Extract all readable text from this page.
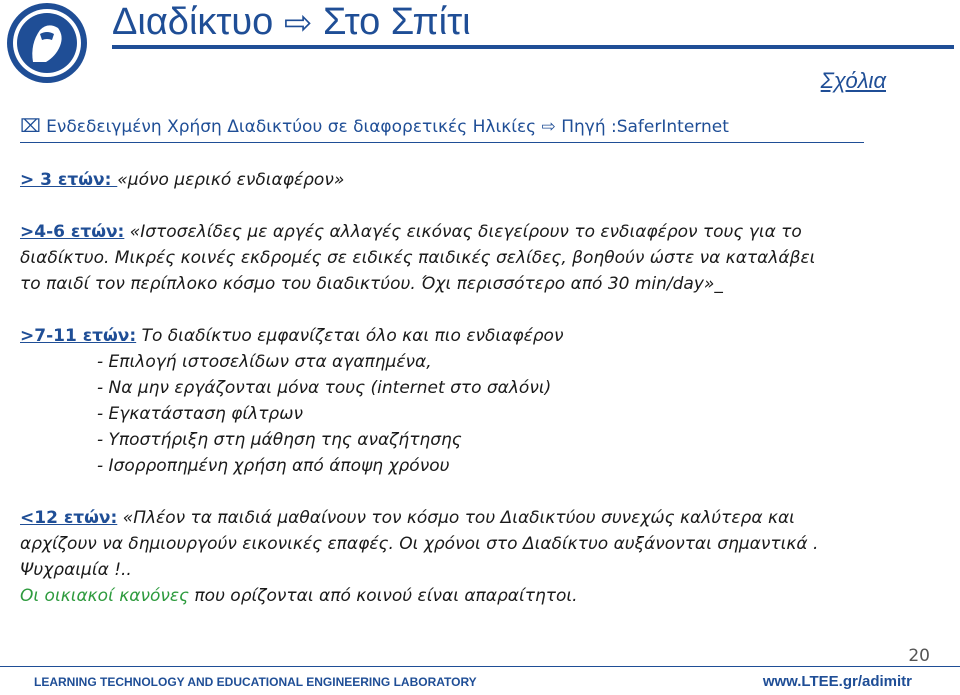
Διαδίκτυο ⇨ Στο Σπίτι
Σχόλια
⌧ Ενδεδειγμένη Χρήση Διαδικτύου σε διαφορετικές Ηλικίες ⇨ Πηγή :SaferInternet
> 3 ετών: «μόνο μερικό ενδιαφέρον»
>4-6 ετών: «Ιστοσελίδες με αργές αλλαγές εικόνας διεγείρουν το ενδιαφέρον τους για το
διαδίκτυο. Μικρές κοινές εκδρομές σε ειδικές παιδικές σελίδες, βοηθούν ώστε να καταλάβει
το παιδί τον περίπλοκο κόσμο του διαδικτύου. Όχι περισσότερο από 30 min/day»_
>7-11 ετών: Το διαδίκτυο εμφανίζεται όλο και πιο ενδιαφέρον
- Επιλογή ιστοσελίδων στα αγαπημένα,
- Να μην εργάζονται μόνα τους (internet στο σαλόνι)
- Εγκατάσταση φίλτρων
- Υποστήριξη στη μάθηση της αναζήτησης
- Ισορροπημένη χρήση από άποψη χρόνου
<12 ετών: «Πλέον τα παιδιά μαθαίνουν τον κόσμο του Διαδικτύου συνεχώς καλύτερα και
αρχίζουν να δημιουργούν εικονικές επαφές. Οι χρόνοι στο Διαδίκτυο αυξάνονται σημαντικά .
Ψυχραιμία !..
Οι οικιακοί κανόνες που ορίζονται από κοινού είναι απαραίτητοι.
20
LEARNING TECHNOLOGY AND EDUCATIONAL ENGINEERING LABORATORY	www.LTEE.gr/adimitr
